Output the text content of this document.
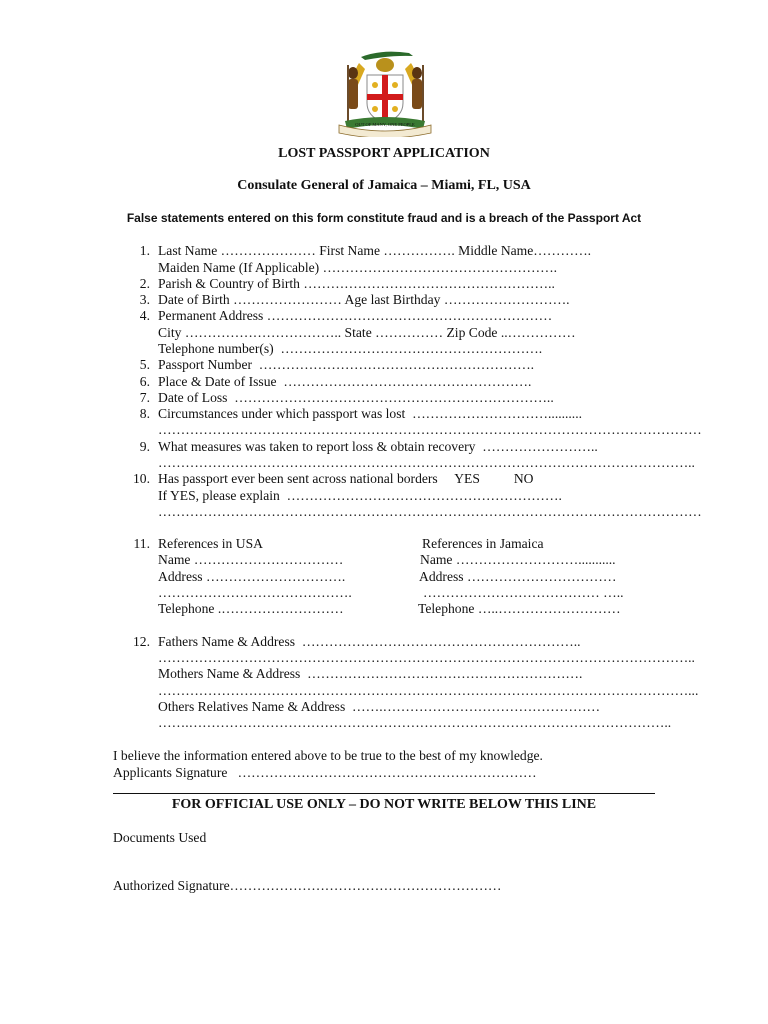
OUT OF MANY, ONE PEOPLE
LOST PASSPORT APPLICATION
Consulate General of Jamaica – Miami, FL, USA
False statements entered on this form constitute fraud and is a breach of the Passport Act
1. Last Name ………………… First Name ……………. Middle Name………….
Maiden Name (If Applicable) …………………………………………….
2. Parish & Country of Birth ………………………………………………..
3. Date of Birth …………………… Age last Birthday ……………………….
4. Permanent Address ………………………………………………………
City …………………………….. State …………… Zip Code ..……………
Telephone number(s)  ………………………………………………….
5. Passport Number  …………………………………………………….
6. Place & Date of Issue  ……………………………………………….
7. Date of Loss  ……………………………………………………………..
8. Circumstances under which passport was lost  …………………………..........
…………………………………………………………………………………………………………
9. What measures was taken to report loss & obtain recovery  ……………………..
………………………………………………………………………………………………………..
10. Has passport ever been sent across national borders     YES          NO
If YES, please explain  …………………………………………………….
…………………………………………………………………………………………………………
11. References in USA
Name ……………………………
Address ………………………….
…………………………………….
Telephone .………………………
References in Jamaica
Name ………………………...........
Address ……………………………
………………………………… …..
Telephone …..………………………
12. Fathers Name & Address  ……………………………………………………..
………………………………………………………………………………………………………..
Mothers Name & Address  …………………………………………………….
………………………………………………………………………………………………………...
Others Relatives Name & Address  …….…………………………………………
…….……………………………………………………………………………………………..
I believe the information entered above to be true to the best of my knowledge.
Applicants Signature   …………………………………………………………
FOR OFFICIAL USE ONLY – DO NOT WRITE BELOW THIS LINE
Documents Used
Authorized Signature……………………………………………………
